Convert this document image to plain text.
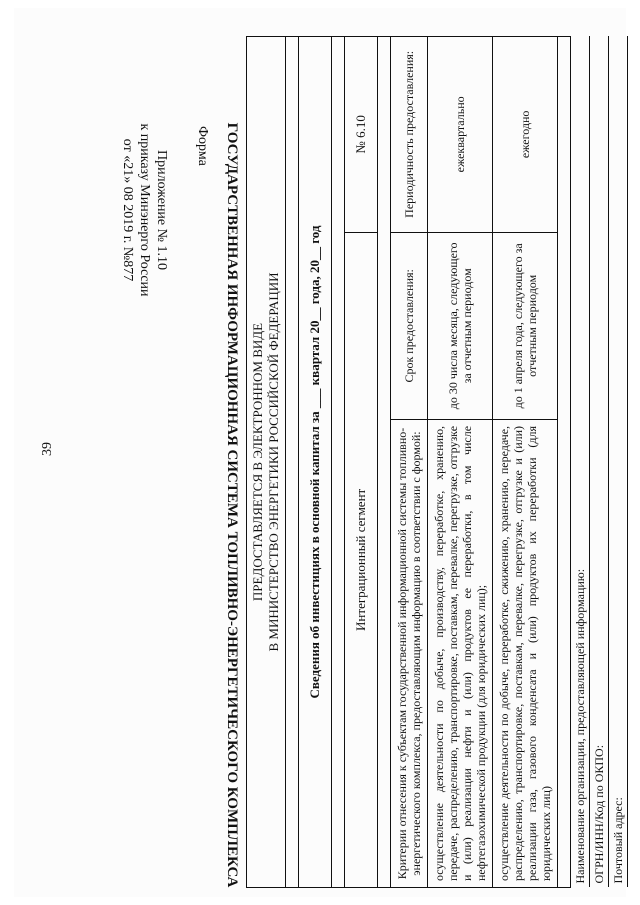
39
Приложение № 1.10
к приказу Минэнерго России
от «21» 08 2019 г. №877	Форма ГОСУДАРСТВЕННАЯ ИНФОРМАЦИОННАЯ СИСТЕМА ТОПЛИВНО-ЭНЕРГЕТИЧЕСКОГО КОМПЛЕКСА ПРЕДОСТАВЛЯЕТСЯ В ЭЛЕКТРОННОМ ВИДЕ В МИНИСТЕРСТВО ЭНЕРГЕТИКИ РОССИЙСКОЙ ФЕДЕРАЦИИ		

Сведения об инвестициях в основной капитал за ___ квартал 20__ года, 20__ год		

Интеграционный сегмент		№ 6.10

Критерии отнесения к субъектам государственной информационной системы топливно-энергетического комплекса, предоставляющим информацию в соответствии с формой:	Срок предоставления:	Периодичность предоставления:
осуществление деятельности по добыче, производству, переработке, хранению, передаче, распределению, транспортировке, поставкам, перевалке, перегрузке, отгрузке и (или) реализации нефти и (или) продуктов ее переработки, в том числе нефтегазохимической продукции (для юридических лиц);	до 30 числа месяца, следующего за отчетным периодом	ежеквартально
осуществление деятельности по добыче, переработке, сжижению, хранению, передаче, распределению, транспортировке, поставкам, перевалке, перегрузке, отгрузке и (или) реализации газа, газового конденсата и (или) продуктов их переработки (для юридических лиц)	до 1 апреля года, следующего за отчетным периодом	ежегодно

Наименование организации, предоставляющей информацию:		
ОГРН/ИНН/Код по ОКПО:		
Почтовый адрес:		
